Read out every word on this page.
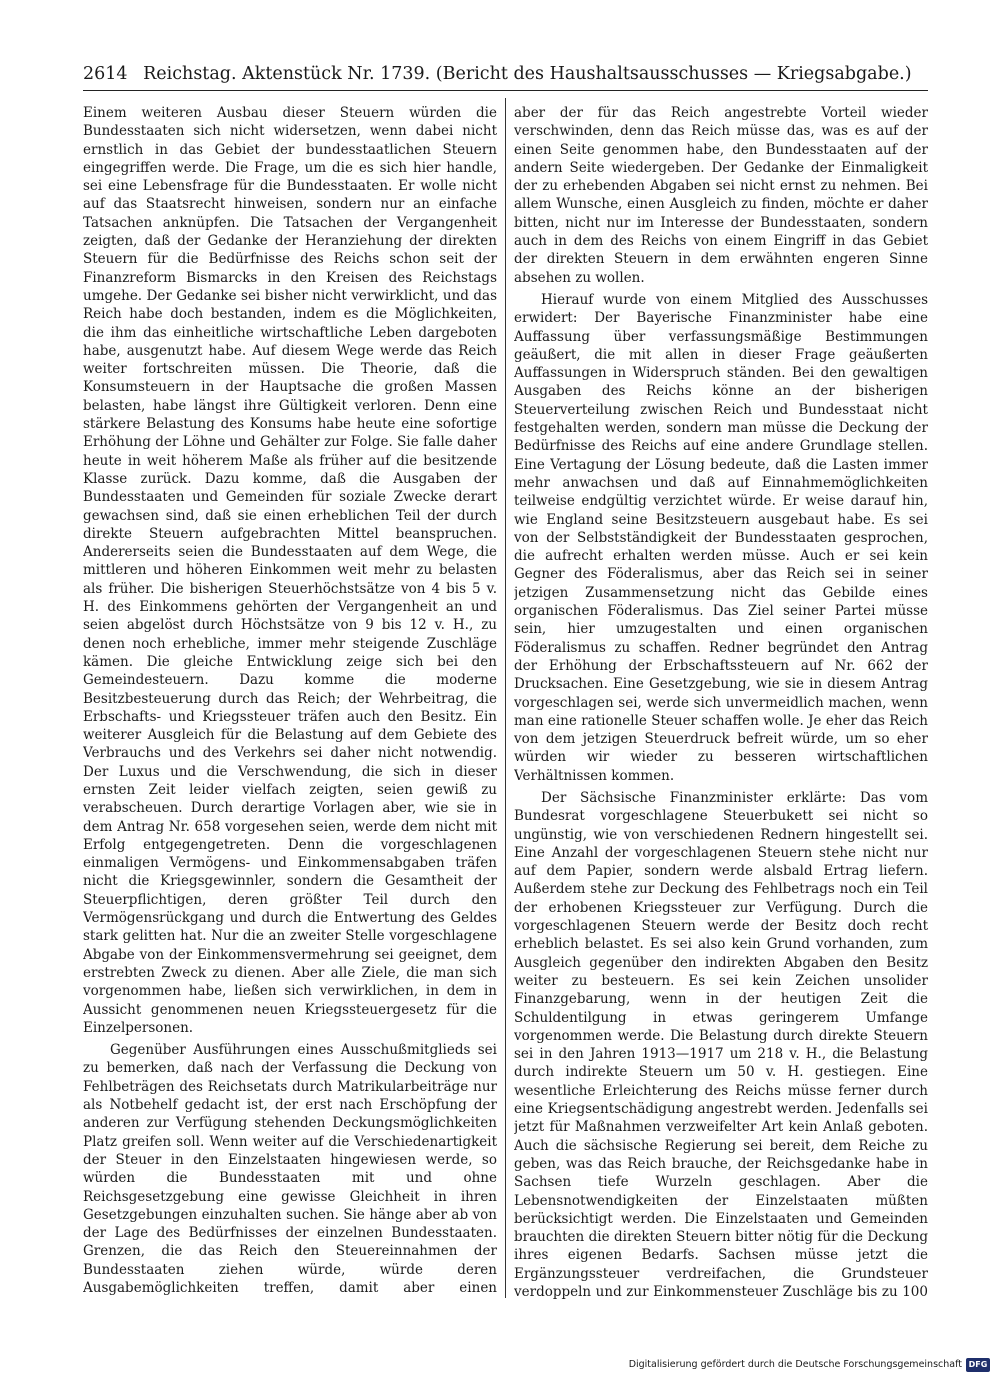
2614 Reichstag. Aktenstück Nr. 1739. (Bericht des Haushaltsausschusses — Kriegsabgabe.)

Einem weiteren Ausbau dieser Steuern würden die Bundesstaaten sich nicht widersetzen, wenn dabei nicht ernstlich in das Gebiet der bundesstaatlichen Steuern eingegriffen werde. Die Frage, um die es sich hier handle, sei eine Lebensfrage für die Bundesstaaten. Er wolle nicht auf das Staatsrecht hinweisen, sondern nur an einfache Tatsachen anknüpfen. Die Tatsachen der Vergangenheit zeigten, daß der Gedanke der Heranziehung der direkten Steuern für die Bedürfnisse des Reichs schon seit der Finanzreform Bismarcks in den Kreisen des Reichstags umgehe. Der Gedanke sei bisher nicht verwirklicht, und das Reich habe doch bestanden, indem es die Möglichkeiten, die ihm das einheitliche wirtschaftliche Leben dargeboten habe, ausgenutzt habe. Auf diesem Wege werde das Reich weiter fortschreiten müssen. Die Theorie, daß die Konsumsteuern in der Hauptsache die großen Massen belasten, habe längst ihre Gültigkeit verloren. Denn eine stärkere Belastung des Konsums habe heute eine sofortige Erhöhung der Löhne und Gehälter zur Folge. Sie falle daher heute in weit höherem Maße als früher auf die besitzende Klasse zurück. Dazu komme, daß die Ausgaben der Bundesstaaten und Gemeinden für soziale Zwecke derart gewachsen sind, daß sie einen erheblichen Teil der durch direkte Steuern aufgebrachten Mittel beanspruchen. Andererseits seien die Bundesstaaten auf dem Wege, die mittleren und höheren Einkommen weit mehr zu belasten als früher. Die bisherigen Steuerhöchstsätze von 4 bis 5 v. H. des Einkommens gehörten der Vergangenheit an und seien abgelöst durch Höchstsätze von 9 bis 12 v. H., zu denen noch erhebliche, immer mehr steigende Zuschläge kämen. Die gleiche Entwicklung zeige sich bei den Gemeindesteuern. Dazu komme die moderne Besitzbesteuerung durch das Reich; der Wehrbeitrag, die Erbschafts- und Kriegssteuer träfen auch den Besitz. Ein weiterer Ausgleich für die Belastung auf dem Gebiete des Verbrauchs und des Verkehrs sei daher nicht notwendig. Der Luxus und die Verschwendung, die sich in dieser ernsten Zeit leider vielfach zeigten, seien gewiß zu verabscheuen. Durch derartige Vorlagen aber, wie sie in dem Antrag Nr. 658 vorgesehen seien, werde dem nicht mit Erfolg entgegengetreten. Denn die vorgeschlagenen einmaligen Vermögens- und Einkommensabgaben träfen nicht die Kriegsgewinnler, sondern die Gesamtheit der Steuerpflichtigen, deren größter Teil durch den Vermögensrückgang und durch die Entwertung des Geldes stark gelitten hat. Nur die an zweiter Stelle vorgeschlagene Abgabe von der Einkommensvermehrung sei geeignet, dem erstrebten Zweck zu dienen. Aber alle Ziele, die man sich vorgenommen habe, ließen sich verwirklichen, in dem in Aussicht genommenen neuen Kriegssteuergesetz für die Einzelpersonen.

Gegenüber Ausführungen eines Ausschußmitglieds sei zu bemerken, daß nach der Verfassung die Deckung von Fehlbeträgen des Reichsetats durch Matrikularbeiträge nur als Notbehelf gedacht ist, der erst nach Erschöpfung der anderen zur Verfügung stehenden Deckungsmöglichkeiten Platz greifen soll. Wenn weiter auf die Verschiedenartigkeit der Steuer in den Einzelstaaten hingewiesen werde, so würden die Bundesstaaten mit und ohne Reichsgesetzgebung eine gewisse Gleichheit in ihren Gesetzgebungen einzuhalten suchen. Sie hänge aber ab von der Lage des Bedürfnisses der einzelnen Bundesstaaten. Grenzen, die das Reich den Steuereinnahmen der Bundesstaaten ziehen würde, würde deren Ausgabemöglichkeiten treffen, damit aber einen

aber der für das Reich angestrebte Vorteil wieder verschwinden, denn das Reich müsse das, was es auf der einen Seite genommen habe, den Bundesstaaten auf der andern Seite wiedergeben. Der Gedanke der Einmaligkeit der zu erhebenden Abgaben sei nicht ernst zu nehmen. Bei allem Wunsche, einen Ausgleich zu finden, möchte er daher bitten, nicht nur im Interesse der Bundesstaaten, sondern auch in dem des Reichs von einem Eingriff in das Gebiet der direkten Steuern in dem erwähnten engeren Sinne absehen zu wollen.

Hierauf wurde von einem Mitglied des Ausschusses erwidert: Der Bayerische Finanzminister habe eine Auffassung über verfassungsmäßige Bestimmungen geäußert, die mit allen in dieser Frage geäußerten Auffassungen in Widerspruch ständen. Bei den gewaltigen Ausgaben des Reichs könne an der bisherigen Steuerverteilung zwischen Reich und Bundesstaat nicht festgehalten werden, sondern man müsse die Deckung der Bedürfnisse des Reichs auf eine andere Grundlage stellen. Eine Vertagung der Lösung bedeute, daß die Lasten immer mehr anwachsen und daß auf Einnahmemöglichkeiten teilweise endgültig verzichtet würde. Er weise darauf hin, wie England seine Besitzsteuern ausgebaut habe. Es sei von der Selbstständigkeit der Bundesstaaten gesprochen, die aufrecht erhalten werden müsse. Auch er sei kein Gegner des Föderalismus, aber das Reich sei in seiner jetzigen Zusammensetzung nicht das Gebilde eines organischen Föderalismus. Das Ziel seiner Partei müsse sein, hier umzugestalten und einen organischen Föderalismus zu schaffen. Redner begründet den Antrag der Erhöhung der Erbschaftssteuern auf Nr. 662 der Drucksachen. Eine Gesetzgebung, wie sie in diesem Antrag vorgeschlagen sei, werde sich unvermeidlich machen, wenn man eine rationelle Steuer schaffen wolle. Je eher das Reich von dem jetzigen Steuerdruck befreit würde, um so eher würden wir wieder zu besseren wirtschaftlichen Verhältnissen kommen.

Der Sächsische Finanzminister erklärte: Das vom Bundesrat vorgeschlagene Steuerbukett sei nicht so ungünstig, wie von verschiedenen Rednern hingestellt sei. Eine Anzahl der vorgeschlagenen Steuern stehe nicht nur auf dem Papier, sondern werde alsbald Ertrag liefern. Außerdem stehe zur Deckung des Fehlbetrags noch ein Teil der erhobenen Kriegssteuer zur Verfügung. Durch die vorgeschlagenen Steuern werde der Besitz doch recht erheblich belastet. Es sei also kein Grund vorhanden, zum Ausgleich gegenüber den indirekten Abgaben den Besitz weiter zu besteuern. Es sei kein Zeichen unsolider Finanzgebarung, wenn in der heutigen Zeit die Schuldentilgung in etwas geringerem Umfange vorgenommen werde. Die Belastung durch direkte Steuern sei in den Jahren 1913—1917 um 218 v. H., die Belastung durch indirekte Steuern um 50 v. H. gestiegen. Eine wesentliche Erleichterung des Reichs müsse ferner durch eine Kriegsentschädigung angestrebt werden. Jedenfalls sei jetzt für Maßnahmen verzweifelter Art kein Anlaß geboten. Auch die sächsische Regierung sei bereit, dem Reiche zu geben, was das Reich brauche, der Reichsgedanke habe in Sachsen tiefe Wurzeln geschlagen. Aber die Lebensnotwendigkeiten der Einzelstaaten müßten berücksichtigt werden. Die Einzelstaaten und Gemeinden brauchten die direkten Steuern bitter nötig für die Deckung ihres eigenen Bedarfs. Sachsen müsse jetzt die Ergänzungssteuer verdreifachen, die Grundsteuer verdoppeln und zur Einkommensteuer Zuschläge bis zu 100

Digitalisierung gefördert durch die Deutsche Forschungsgemeinschaft DFG
